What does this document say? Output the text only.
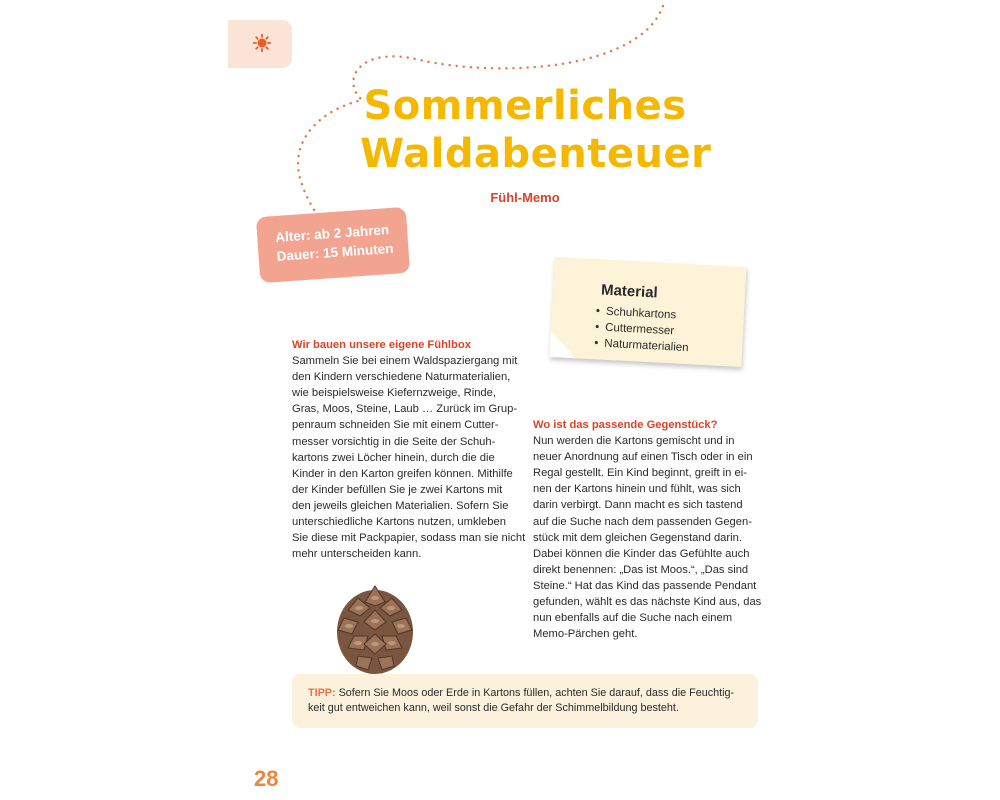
Sommerliches
Waldabenteuer
Fühl-Memo
Alter: ab 2 Jahren
Dauer: 15 Minuten
Material
• Schuhkartons
• Cuttermesser
• Naturmaterialien
Wir bauen unsere eigene Fühlbox

Sammeln Sie bei einem Waldspaziergang mit

den Kindern verschiedene Naturmaterialien,

wie beispielsweise Kiefernzweige, Rinde,

Gras, Moos, Steine, Laub … Zurück im Grup-

penraum schneiden Sie mit einem Cutter-

messer vorsichtig in die Seite der Schuh-

kartons zwei Löcher hinein, durch die die

Kinder in den Karton greifen können. Mithilfe

der Kinder befüllen Sie je zwei Kartons mit

den jeweils gleichen Materialien. Sofern Sie

unterschiedliche Kartons nutzen, umkleben

Sie diese mit Packpapier, sodass man sie nicht

mehr unterscheiden kann.

Wo ist das passende Gegenstück?

Nun werden die Kartons gemischt und in

neuer Anordnung auf einen Tisch oder in ein

Regal gestellt. Ein Kind beginnt, greift in ei-

nen der Kartons hinein und fühlt, was sich

darin verbirgt. Dann macht es sich tastend

auf die Suche nach dem passenden Gegen-

stück mit dem gleichen Gegenstand darin.

Dabei können die Kinder das Gefühlte auch

direkt benennen: „Das ist Moos.“, „Das sind

Steine.“ Hat das Kind das passende Pendant

gefunden, wählt es das nächste Kind aus, das

nun ebenfalls auf die Suche nach einem

Memo-Pärchen geht.

TIPP: Sofern Sie Moos oder Erde in Kartons füllen, achten Sie darauf, dass die Feuchtig-
keit gut entweichen kann, weil sonst die Gefahr der Schimmelbildung besteht.
28
